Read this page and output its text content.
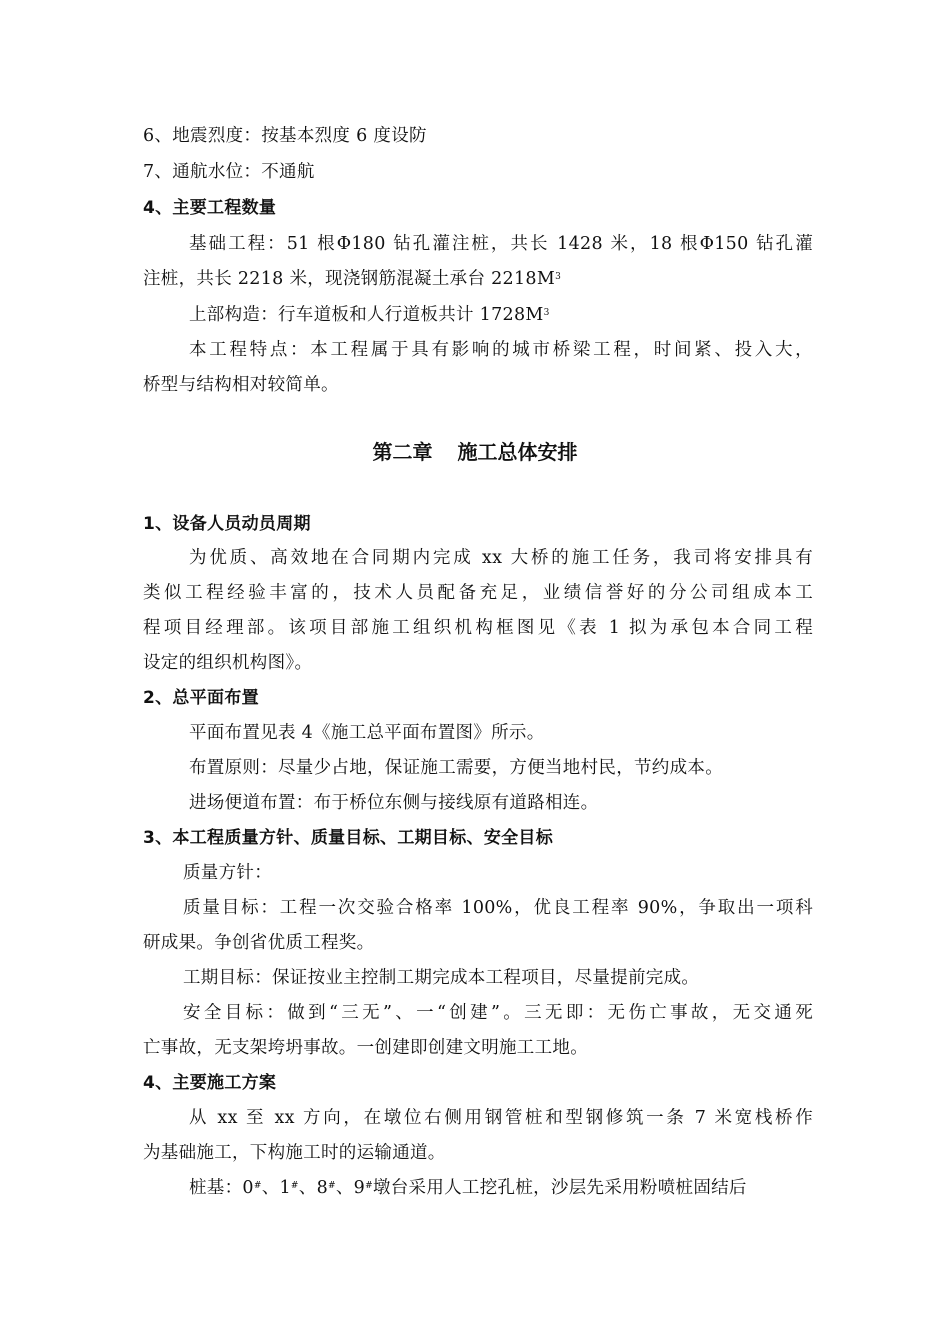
6、地震烈度：按基本烈度 6 度设防
7、通航水位：不通航
4、主要工程数量
基础工程：51 根Φ180 钻孔灌注桩，共长 1428 米，18 根Φ150 钻孔灌
注桩，共长 2218 米，现浇钢筋混凝土承台 $2218M^3$
上部构造：行车道板和人行道板共计 $1728M^3$
本工程特点：本工程属于具有影响的城市桥梁工程，时间紧、投入大，
桥型与结构相对较简单。
第二章 施工总体安排
1、设备人员动员周期
为优质、高效地在合同期内完成 xx 大桥的施工任务，我司将安排具有
类似工程经验丰富的，技术人员配备充足，业绩信誉好的分公司组成本工
程项目经理部。该项目部施工组织机构框图见《表 1 拟为承包本合同工程
设定的组织机构图》。
2、总平面布置
平面布置见表 4《施工总平面布置图》所示。
布置原则：尽量少占地，保证施工需要，方便当地村民，节约成本。
进场便道布置：布于桥位东侧与接线原有道路相连。
3、本工程质量方针、质量目标、工期目标、安全目标
质量方针：
质量目标：工程一次交验合格率 100%，优良工程率 90%，争取出一项科
研成果。争创省优质工程奖。
工期目标：保证按业主控制工期完成本工程项目，尽量提前完成。
安全目标：做到“三无”、一“创建”。三无即：无伤亡事故，无交通死
亡事故，无支架垮坍事故。一创建即创建文明施工工地。
4、主要施工方案
从 xx 至 xx 方向，在墩位右侧用钢管桩和型钢修筑一条 7 米宽栈桥作
为基础施工，下构施工时的运输通道。
桩基：0#、1#、8#、9#墩台采用人工挖孔桩，沙层先采用粉喷桩固结后
